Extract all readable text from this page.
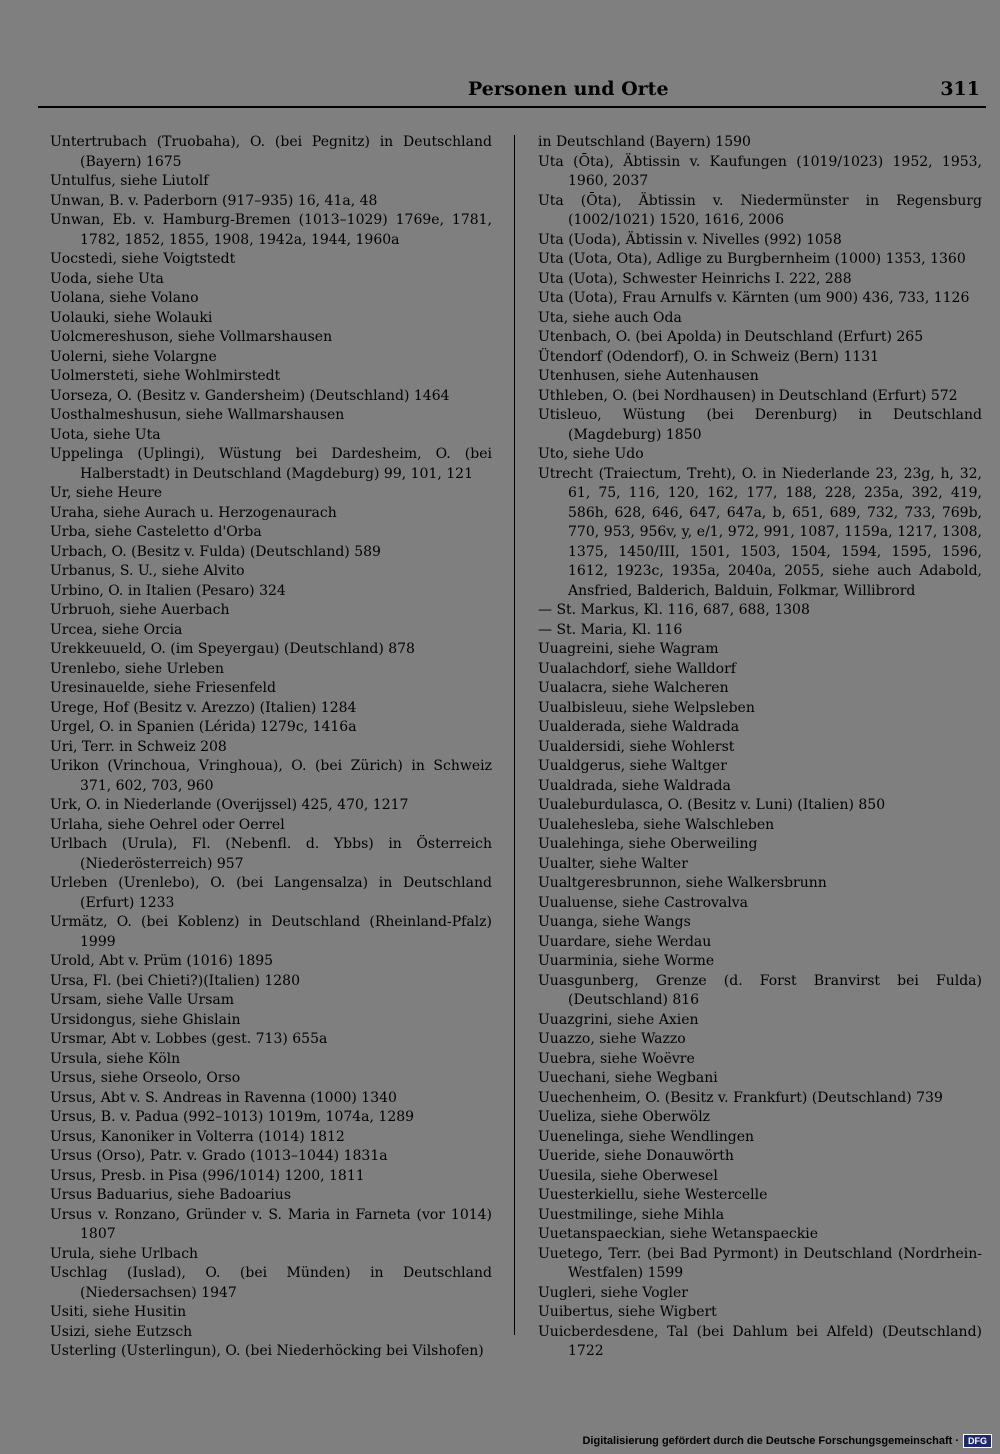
Personen und Orte	311

Untertrubach (Truobaha), O. (bei Pegnitz) in Deutschland (Bayern) 1675

Untulfus, siehe Liutolf

Unwan, B. v. Paderborn (917–935) 16, 41a, 48

Unwan, Eb. v. Hamburg-Bremen (1013–1029) 1769e, 1781, 1782, 1852, 1855, 1908, 1942a, 1944, 1960a

Uocstedi, siehe Voigtstedt

Uoda, siehe Uta

Uolana, siehe Volano

Uolauki, siehe Wolauki

Uolcmereshuson, siehe Vollmarshausen

Uolerni, siehe Volargne

Uolmersteti, siehe Wohlmirstedt

Uorseza, O. (Besitz v. Gandersheim) (Deutschland) 1464

Uosthalmeshusun, siehe Wallmarshausen

Uota, siehe Uta

Uppelinga (Uplingi), Wüstung bei Dardesheim, O. (bei Halberstadt) in Deutschland (Magdeburg) 99, 101, 121

Ur, siehe Heure

Uraha, siehe Aurach u. Herzogenaurach

Urba, siehe Casteletto d'Orba

Urbach, O. (Besitz v. Fulda) (Deutschland) 589

Urbanus, S. U., siehe Alvito

Urbino, O. in Italien (Pesaro) 324

Urbruoh, siehe Auerbach

Urcea, siehe Orcia

Urekkeuueld, O. (im Speyergau) (Deutschland) 878

Urenlebo, siehe Urleben

Uresinauelde, siehe Friesenfeld

Urege, Hof (Besitz v. Arezzo) (Italien) 1284

Urgel, O. in Spanien (Lérida) 1279c, 1416a

Uri, Terr. in Schweiz 208

Urikon (Vrinchoua, Vringhoua), O. (bei Zürich) in Schweiz 371, 602, 703, 960

Urk, O. in Niederlande (Overijssel) 425, 470, 1217

Urlaha, siehe Oehrel oder Oerrel

Urlbach (Urula), Fl. (Nebenfl. d. Ybbs) in Österreich (Niederösterreich) 957

Urleben (Urenlebo), O. (bei Langensalza) in Deutschland (Erfurt) 1233

Urmätz, O. (bei Koblenz) in Deutschland (Rheinland-Pfalz) 1999

Urold, Abt v. Prüm (1016) 1895

Ursa, Fl. (bei Chieti?)(Italien) 1280

Ursam, siehe Valle Ursam

Ursidongus, siehe Ghislain

Ursmar, Abt v. Lobbes (gest. 713) 655a

Ursula, siehe Köln

Ursus, siehe Orseolo, Orso

Ursus, Abt v. S. Andreas in Ravenna (1000) 1340

Ursus, B. v. Padua (992–1013) 1019m, 1074a, 1289

Ursus, Kanoniker in Volterra (1014) 1812

Ursus (Orso), Patr. v. Grado (1013–1044) 1831a

Ursus, Presb. in Pisa (996/1014) 1200, 1811

Ursus Baduarius, siehe Badoarius

Ursus v. Ronzano, Gründer v. S. Maria in Farneta (vor 1014) 1807

Urula, siehe Urlbach

Uschlag (Iuslad), O. (bei Münden) in Deutschland (Niedersachsen) 1947

Usiti, siehe Husitin

Usizi, siehe Eutzsch

Usterling (Usterlingun), O. (bei Niederhöcking bei Vilshofen)

in Deutschland (Bayern) 1590

Uta (Ōta), Äbtissin v. Kaufungen (1019/1023) 1952, 1953, 1960, 2037

Uta (Ōta), Äbtissin v. Niedermünster in Regensburg (1002/1021) 1520, 1616, 2006

Uta (Uoda), Äbtissin v. Nivelles (992) 1058

Uta (Uota, Ota), Adlige zu Burgbernheim (1000) 1353, 1360

Uta (Uota), Schwester Heinrichs I. 222, 288

Uta (Uota), Frau Arnulfs v. Kärnten (um 900) 436, 733, 1126

Uta, siehe auch Oda

Utenbach, O. (bei Apolda) in Deutschland (Erfurt) 265

Ütendorf (Odendorf), O. in Schweiz (Bern) 1131

Utenhusen, siehe Autenhausen

Uthleben, O. (bei Nordhausen) in Deutschland (Erfurt) 572

Utisleuo, Wüstung (bei Derenburg) in Deutschland (Magdeburg) 1850

Uto, siehe Udo

Utrecht (Traiectum, Treht), O. in Niederlande 23, 23g, h, 32, 61, 75, 116, 120, 162, 177, 188, 228, 235a, 392, 419, 586h, 628, 646, 647, 647a, b, 651, 689, 732, 733, 769b, 770, 953, 956v, y, e/1, 972, 991, 1087, 1159a, 1217, 1308, 1375, 1450/III, 1501, 1503, 1504, 1594, 1595, 1596, 1612, 1923c, 1935a, 2040a, 2055, siehe auch Adabold, Ansfried, Balderich, Balduin, Folkmar, Willibrord

— St. Markus, Kl. 116, 687, 688, 1308

— St. Maria, Kl. 116

Uuagreini, siehe Wagram

Uualachdorf, siehe Walldorf

Uualacra, siehe Walcheren

Uualbisleuu, siehe Welpsleben

Uualderada, siehe Waldrada

Uualdersidi, siehe Wohlerst

Uualdgerus, siehe Waltger

Uualdrada, siehe Waldrada

Uualeburdulasca, O. (Besitz v. Luni) (Italien) 850

Uualehesleba, siehe Walschleben

Uualehinga, siehe Oberweiling

Uualter, siehe Walter

Uualtgeresbrunnon, siehe Walkersbrunn

Uualuense, siehe Castrovalva

Uuanga, siehe Wangs

Uuardare, siehe Werdau

Uuarminia, siehe Worme

Uuasgunberg, Grenze (d. Forst Branvirst bei Fulda) (Deutschland) 816

Uuazgrini, siehe Axien

Uuazzo, siehe Wazzo

Uuebra, siehe Woëvre

Uuechani, siehe Wegbani

Uuechenheim, O. (Besitz v. Frankfurt) (Deutschland) 739

Uueliza, siehe Oberwölz

Uuenelinga, siehe Wendlingen

Uueride, siehe Donauwörth

Uuesila, siehe Oberwesel

Uuesterkiellu, siehe Westercelle

Uuestmilinge, siehe Mihla

Uuetanspaeckian, siehe Wetanspaeckie

Uuetego, Terr. (bei Bad Pyrmont) in Deutschland (Nordrhein-Westfalen) 1599

Uugleri, siehe Vogler

Uuibertus, siehe Wigbert

Uuicberdesdene, Tal (bei Dahlum bei Alfeld) (Deutschland) 1722

Digitalisierung gefördert durch die Deutsche Forschungsgemeinschaft ·	DFG
